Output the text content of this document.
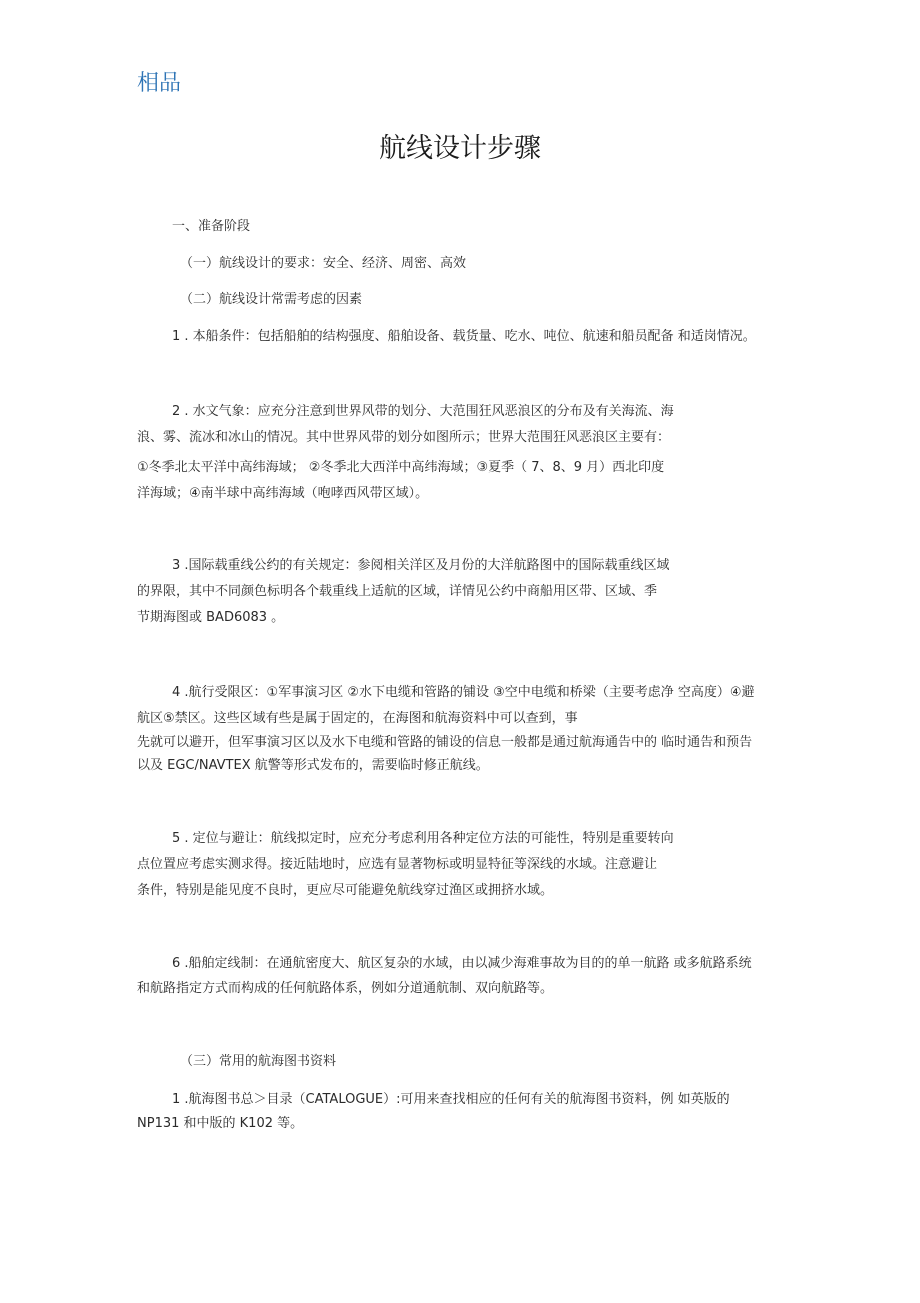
相品
航线设计步骤
一、准备阶段
（一）航线设计的要求：安全、经济、周密、高效
（二）航线设计常需考虑的因素
1 . 本船条件：包括船舶的结构强度、船舶设备、载货量、吃水、吨位、航速和船员配备 和适岗情况。
2 . 水文气象：应充分注意到世界风带的划分、大范围狂风恶浪区的分布及有关海流、海
浪、雾、流冰和冰山的情况。其中世界风带的划分如图所示；世界大范围狂风恶浪区主要有：
①冬季北太平洋中高纬海域； ②冬季北大西洋中高纬海域；③夏季（ 7、8、9 月）西北印度
洋海域；④南半球中高纬海域（咆哮西风带区域）。
3 .国际载重线公约的有关规定：参阅相关洋区及月份的大洋航路图中的国际载重线区域
的界限，其中不同颜色标明各个载重线上适航的区域，详情见公约中商船用区带、区域、季
节期海图或 BAD6083 。
4 .航行受限区：①军事演习区 ②水下电缆和管路的铺设 ③空中电缆和桥梁（主要考虑净 空高度）④避
航区⑤禁区。这些区域有些是属于固定的，在海图和航海资料中可以查到，事
先就可以避开，但军事演习区以及水下电缆和管路的铺设的信息一般都是通过航海通告中的 临时通告和预告
以及 EGC/NAVTEX 航警等形式发布的，需要临时修正航线。
5 . 定位与避让：航线拟定时，应充分考虑利用各种定位方法的可能性，特别是重要转向
点位置应考虑实测求得。接近陆地时，应选有显著物标或明显特征等深线的水域。注意避让
条件，特别是能见度不良时，更应尽可能避免航线穿过渔区或拥挤水域。
6 .船舶定线制：在通航密度大、航区复杂的水域，由以减少海难事故为目的的单一航路 或多航路系统
和航路指定方式而构成的任何航路体系，例如分道通航制、双向航路等。
（三）常用的航海图书资料
1 .航海图书总＞目录（CATALOGUE）:可用来查找相应的任何有关的航海图书资料，例 如英版的
NP131 和中版的 K102 等。
